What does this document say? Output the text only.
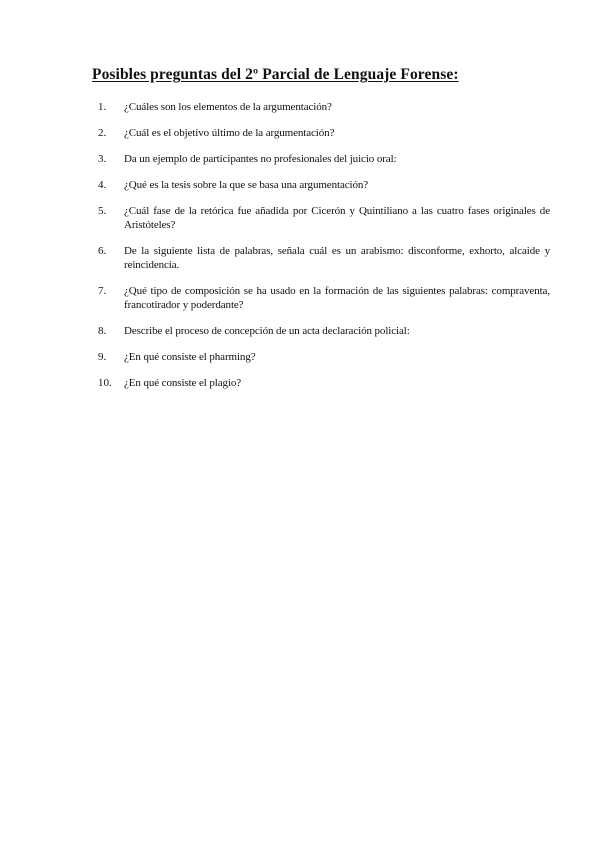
Posibles preguntas del 2º Parcial de Lenguaje Forense:
1.	¿Cuáles son los elementos de la argumentación?
2.	¿Cuál es el objetivo último de la argumentación?
3.	Da un ejemplo de participantes no profesionales del juicio oral:
4.	¿Qué es la tesis sobre la que se basa una argumentación?
5.	¿Cuál fase de la retórica fue añadida por Cicerón y Quintiliano a las cuatro fases originales de Aristóteles?
6.	De la siguiente lista de palabras, señala cuál es un arabismo: disconforme, exhorto, alcaide y reincidencia.
7.	¿Qué tipo de composición se ha usado en la formación de las siguientes palabras: compraventa, francotirador y poderdante?
8.	Describe el proceso de concepción de un acta declaración policial:
9.	¿En qué consiste el pharming?
10.	¿En qué consiste el plagio?
